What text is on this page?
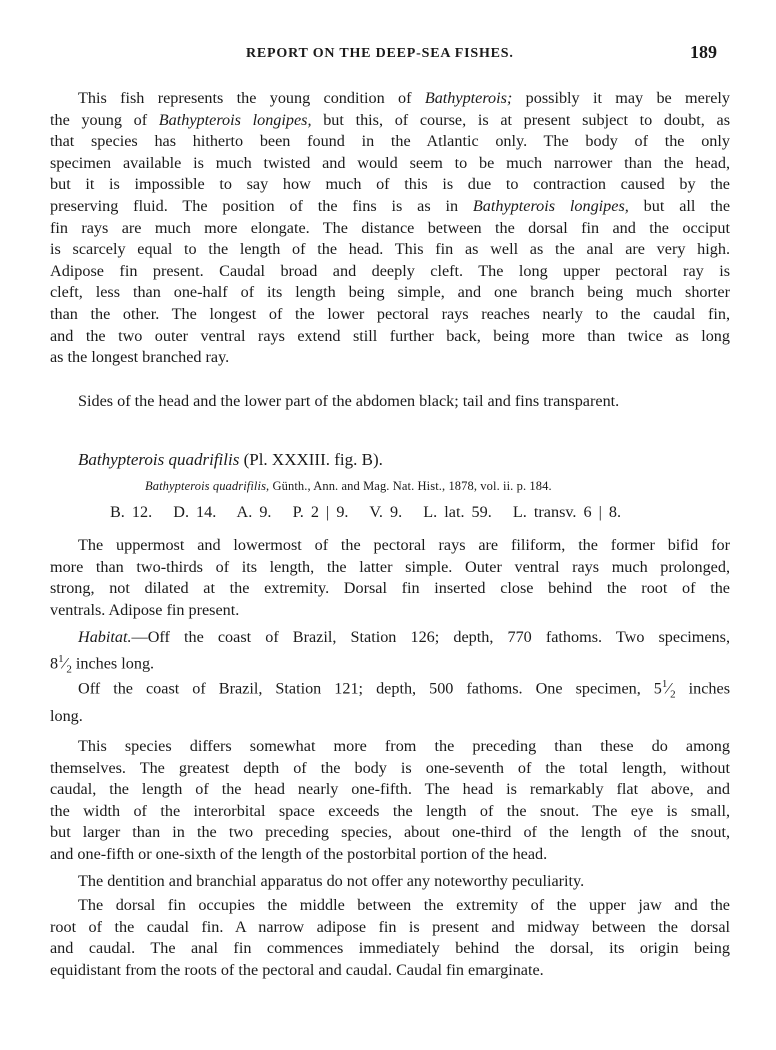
REPORT ON THE DEEP-SEA FISHES.	189

This fish represents the young condition of Bathypterois; possibly it may be merely
the young of Bathypterois longipes, but this, of course, is at present subject to doubt, as
that species has hitherto been found in the Atlantic only. The body of the only
specimen available is much twisted and would seem to be much narrower than the head,
but it is impossible to say how much of this is due to contraction caused by the
preserving fluid. The position of the fins is as in Bathypterois longipes, but all the
fin rays are much more elongate. The distance between the dorsal fin and the occiput
is scarcely equal to the length of the head. This fin as well as the anal are very high.
Adipose fin present. Caudal broad and deeply cleft. The long upper pectoral ray is
cleft, less than one-half of its length being simple, and one branch being much shorter
than the other. The longest of the lower pectoral rays reaches nearly to the caudal fin,
and the two outer ventral rays extend still further back, being more than twice as long
as the longest branched ray.

Sides of the head and the lower part of the abdomen black; tail and fins transparent.

Bathypterois quadrifilis (Pl. XXXIII. fig. B).
Bathypterois quadrifilis, Günth., Ann. and Mag. Nat. Hist., 1878, vol. ii. p. 184.
B. 12.   D. 14.   A. 9.   P. 2 | 9.   V. 9.   L. lat. 59.   L. transv. 6 | 8.

The uppermost and lowermost of the pectoral rays are filiform, the former bifid for
more than two-thirds of its length, the latter simple. Outer ventral rays much prolonged,
strong, not dilated at the extremity. Dorsal fin inserted close behind the root of the
ventrals. Adipose fin present.

Habitat.—Off the coast of Brazil, Station 126; depth, 770 fathoms. Two specimens,
$8^1⁄_2$ inches long.

Off the coast of Brazil, Station 121; depth, 500 fathoms. One specimen, $5^1⁄_2$ inches
long.

This species differs somewhat more from the preceding than these do among
themselves. The greatest depth of the body is one-seventh of the total length, without
caudal, the length of the head nearly one-fifth. The head is remarkably flat above, and
the width of the interorbital space exceeds the length of the snout. The eye is small,
but larger than in the two preceding species, about one-third of the length of the snout,
and one-fifth or one-sixth of the length of the postorbital portion of the head.

The dentition and branchial apparatus do not offer any noteworthy peculiarity.

The dorsal fin occupies the middle between the extremity of the upper jaw and the
root of the caudal fin. A narrow adipose fin is present and midway between the dorsal
and caudal. The anal fin commences immediately behind the dorsal, its origin being
equidistant from the roots of the pectoral and caudal. Caudal fin emarginate.
